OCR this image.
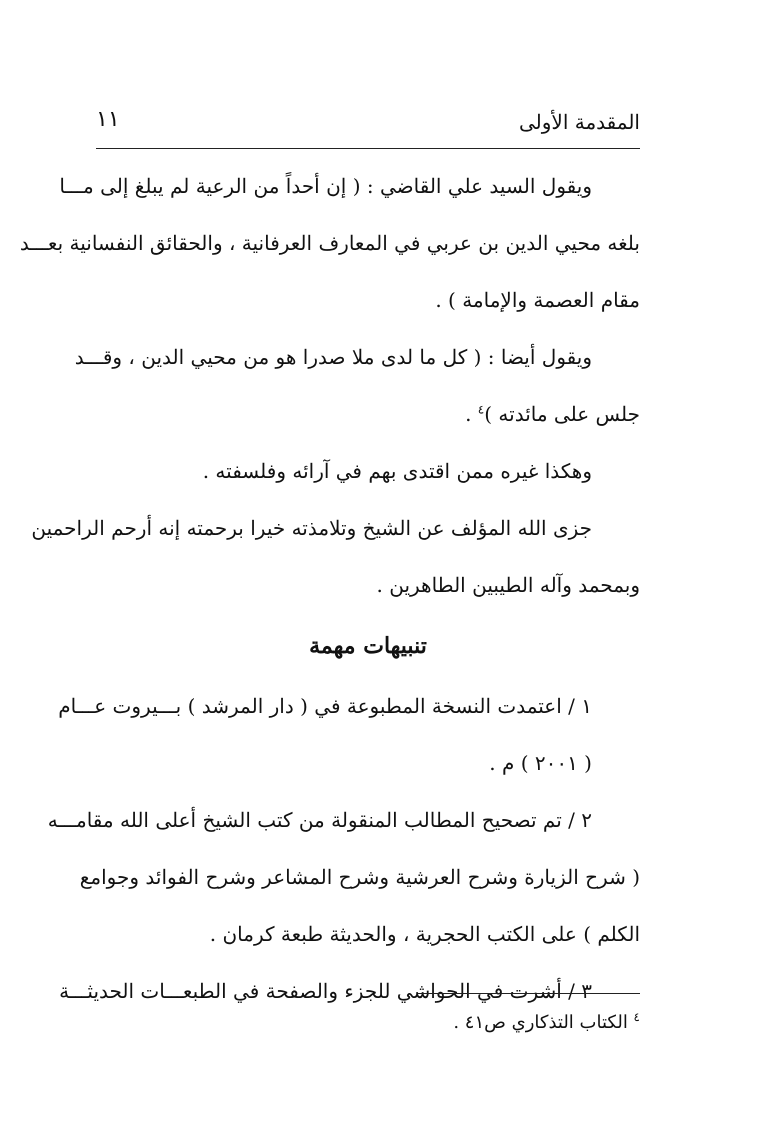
المقدمة الأولى
١١
ويقول السيد علي القاضي : ( إن أحداً من الرعية لم يبلغ إلى مـــا
بلغه محيي الدين بن عربي في المعارف العرفانية ، والحقائق النفسانية بعـــد
مقام العصمة والإمامة ) .
ويقول أيضا : ( كل ما لدى ملا صدرا هو من محيي الدين ، وقـــد
جلس على مائدته )$^٤$ .
وهكذا غيره ممن اقتدى بهم في آرائه وفلسفته .
جزى الله المؤلف عن الشيخ وتلامذته خيرا برحمته إنه أرحم الراحمين
وبمحمد وآله الطيبين الطاهرين .
تنبيهات مهمة
١ / اعتمدت النسخة المطبوعة في ( دار المرشد ) بـــيروت عـــام
( ٢٠٠١ ) م .
٢ / تم تصحيح المطالب المنقولة من كتب الشيخ أعلى الله مقامـــه
( شرح الزيارة وشرح العرشية وشرح المشاعر وشرح الفوائد وجوامع
الكلم ) على الكتب الحجرية ، والحديثة طبعة كرمان .
٣ / أشرت في الحواشي للجزء والصفحة في الطبعـــات الحديثـــة
$^٤$ الكتاب التذكاري ص٤١ .
